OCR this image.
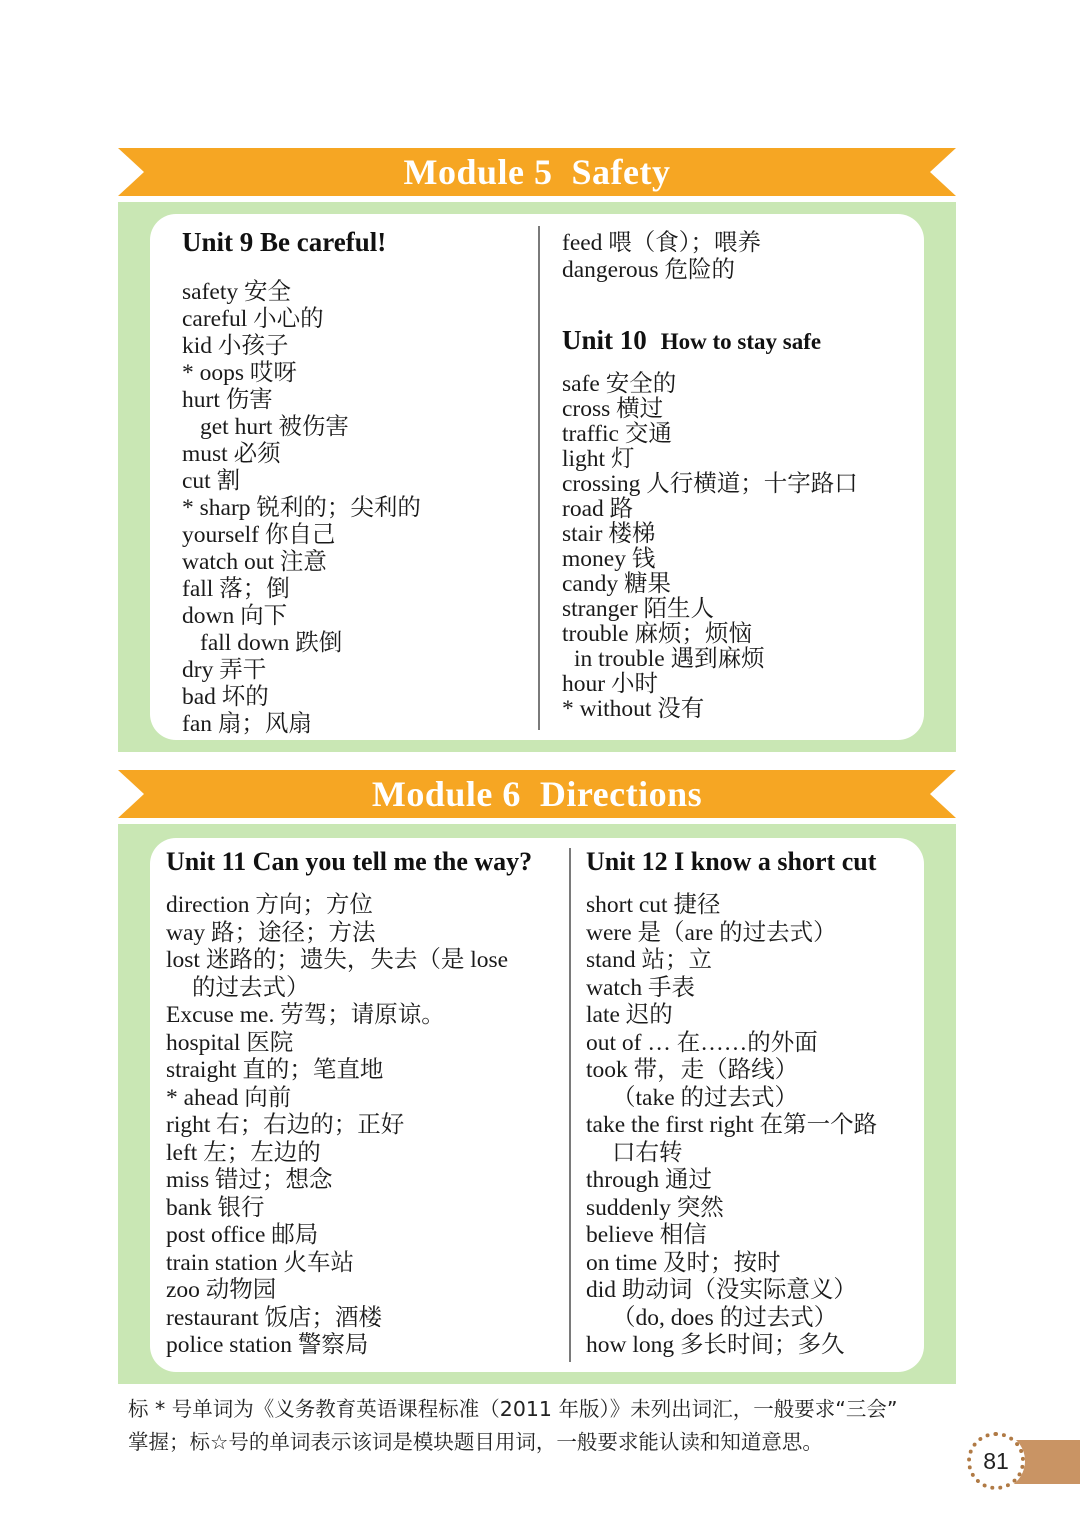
Module 5  Safety
Unit 9 Be careful!
safety 安全
careful 小心的
kid 小孩子
* oops 哎呀
hurt 伤害
get hurt 被伤害
must 必须
cut 割
* sharp 锐利的；尖利的
yourself 你自己
watch out 注意
fall 落；倒
down 向下
fall down 跌倒
dry 弄干
bad 坏的
fan 扇；风扇
feed 喂（食）；喂养
dangerous 危险的
Unit 10 How to stay safe
safe 安全的
cross 横过
traffic 交通
light 灯
crossing 人行横道；十字路口
road 路
stair 楼梯
money 钱
candy 糖果
stranger 陌生人
trouble 麻烦；烦恼
in trouble 遇到麻烦
hour 小时
* without 没有
Module 6  Directions
Unit 11 Can you tell me the way?
direction 方向；方位
way 路；途径；方法
lost 迷路的；遗失，失去（是 lose
的过去式）
Excuse me. 劳驾；请原谅。
hospital 医院
straight 直的；笔直地
* ahead 向前
right 右；右边的；正好
left 左；左边的
miss 错过；想念
bank 银行
post office 邮局
train station 火车站
zoo 动物园
restaurant 饭店；酒楼
police station 警察局
Unit 12 I know a short cut
short cut 捷径
were 是（are 的过去式）
stand 站；立
watch 手表
late 迟的
out of … 在……的外面
took 带，走（路线）
（take 的过去式）
take the first right 在第一个路
口右转
through 通过
suddenly 突然
believe 相信
on time 及时；按时
did 助动词（没实际意义）
（do, does 的过去式）
how long 多长时间；多久
标 * 号单词为《义务教育英语课程标准（2011 年版）》未列出词汇，一般要求“三会”
掌握；标☆号的单词表示该词是模块题目用词，一般要求能认读和知道意思。
81
